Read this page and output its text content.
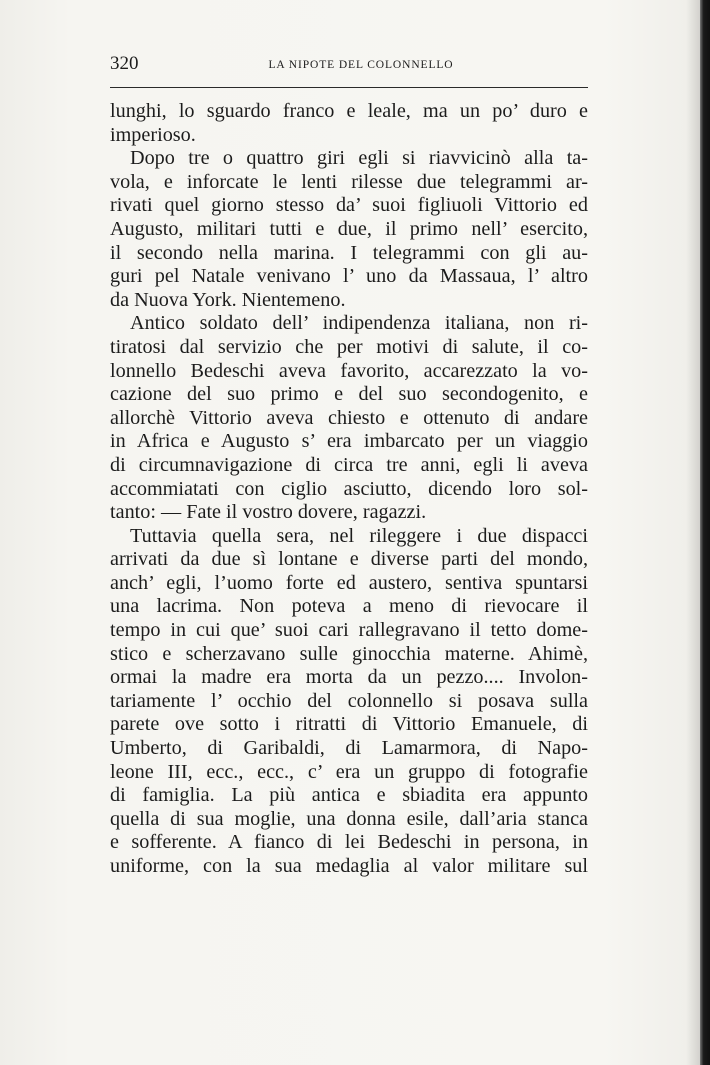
320	LA NIPOTE DEL COLONNELLO
lunghi, lo sguardo franco e leale, ma un po’ duro e
imperioso.
Dopo tre o quattro giri egli si riavvicinò alla ta-
vola, e inforcate le lenti rilesse due telegrammi ar-
rivati quel giorno stesso da’ suoi figliuoli Vittorio ed
Augusto, militari tutti e due, il primo nell’ esercito,
il secondo nella marina. I telegrammi con gli au-
guri pel Natale venivano l’ uno da Massaua, l’ altro
da Nuova York. Nientemeno.
Antico soldato dell’ indipendenza italiana, non ri-
tiratosi dal servizio che per motivi di salute, il co-
lonnello Bedeschi aveva favorito, accarezzato la vo-
cazione del suo primo e del suo secondogenito, e
allorchè Vittorio aveva chiesto e ottenuto di andare
in Africa e Augusto s’ era imbarcato per un viaggio
di circumnavigazione di circa tre anni, egli li aveva
accommiatati con ciglio asciutto, dicendo loro sol-
tanto: — Fate il vostro dovere, ragazzi.
Tuttavia quella sera, nel rileggere i due dispacci
arrivati da due sì lontane e diverse parti del mondo,
anch’ egli, l’uomo forte ed austero, sentiva spuntarsi
una lacrima. Non poteva a meno di rievocare il
tempo in cui que’ suoi cari rallegravano il tetto dome-
stico e scherzavano sulle ginocchia materne. Ahimè,
ormai la madre era morta da un pezzo.... Involon-
tariamente l’ occhio del colonnello si posava sulla
parete ove sotto i ritratti di Vittorio Emanuele, di
Umberto, di Garibaldi, di Lamarmora, di Napo-
leone III, ecc., ecc., c’ era un gruppo di fotografie
di famiglia. La più antica e sbiadita era appunto
quella di sua moglie, una donna esile, dall’aria stanca
e sofferente. A fianco di lei Bedeschi in persona, in
uniforme, con la sua medaglia al valor militare sul
